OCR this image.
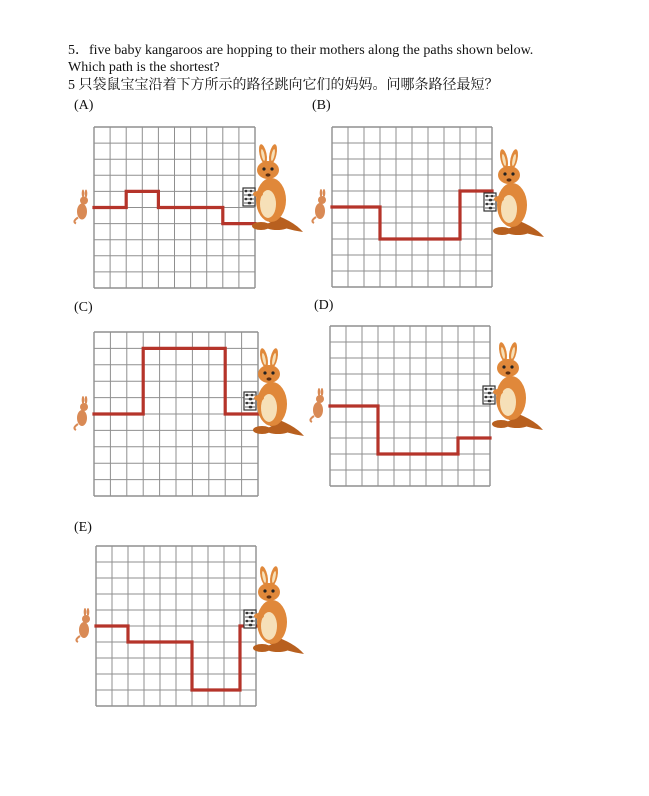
5．five baby kangaroos are hopping to their mothers along the paths shown below.
Which path is the shortest?
5 只袋鼠宝宝沿着下方所示的路径跳向它们的妈妈。问哪条路径最短？
(A)	(B)
(C)	(D)
(E)
